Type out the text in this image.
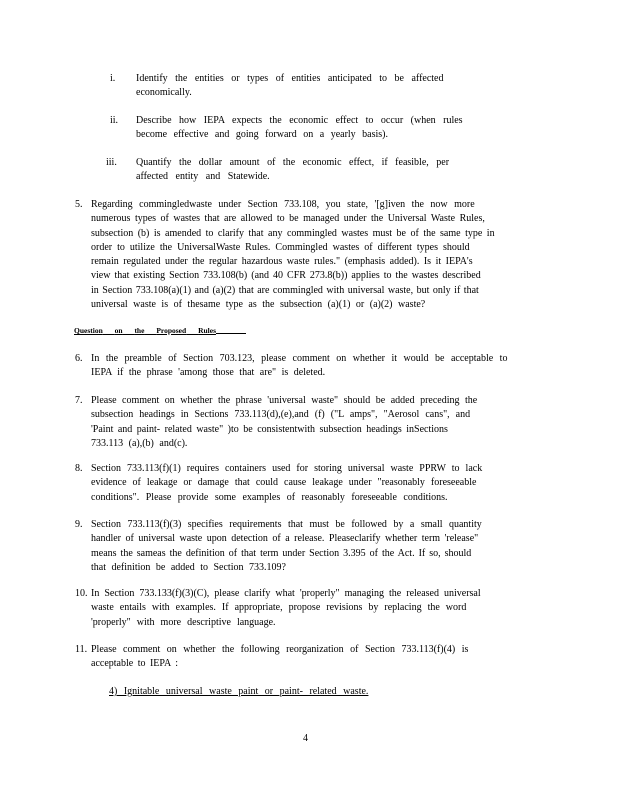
i. Identify the entities or types of entities anticipated to be affected
economically.
ii. Describe how IEPA expects the economic effect to occur (when rules
become effective and going forward on a yearly basis).
iii. Quantify the dollar amount of the economic effect, if feasible, per
affected entity and Statewide.
5. Regarding commingledwaste under Section 733.108, you state, '[g]iven the now more
numerous types of wastes that are allowed to be managed under the Universal Waste Rules,
subsection (b) is amended to clarify that any commingled wastes must be of the same type in
order to utilize the UniversalWaste Rules. Commingled wastes of different types should
remain regulated under the regular hazardous waste rules." (emphasis added). Is it IEPA's
view that existing Section 733.108(b) (and 40 CFR 273.8(b)) applies to the wastes described
in Section 733.108(a)(1) and (a)(2) that are commingled with universal waste, but only if that
universal waste is of thesame type as the subsection (a)(1) or (a)(2) waste?
Question on the Proposed Rules
6. In the preamble of Section 703.123, please comment on whether it would be acceptable to
IEPA if the phrase 'among those that are" is deleted.
7. Please comment on whether the phrase 'universal waste" should be added preceding the
subsection headings in Sections 733.113(d),(e),and (f) ("L amps", "Aerosol cans", and
'Paint and paint- related waste" )to be consistentwith subsection headings inSections
733.113 (a),(b) and(c).
8. Section 733.113(f)(1) requires containers used for storing universal waste PPRW to lack
evidence of leakage or damage that could cause leakage under "reasonably foreseeable
conditions". Please provide some examples of reasonably foreseeable conditions.
9. Section 733.113(f)(3) specifies requirements that must be followed by a small quantity
handler of universal waste upon detection of a release. Pleaseclarify whether term 'release"
means the sameas the definition of that term under Section 3.395 of the Act. If so, should
that definition be added to Section 733.109?
10. In Section 733.133(f)(3)(C), please clarify what 'properly" managing the released universal
waste entails with examples. If appropriate, propose revisions by replacing the word
'properly" with more descriptive language.
11. Please comment on whether the following reorganization of Section 733.113(f)(4) is
acceptable to IEPA :
4) Ignitable universal waste paint or paint- related waste.
4
